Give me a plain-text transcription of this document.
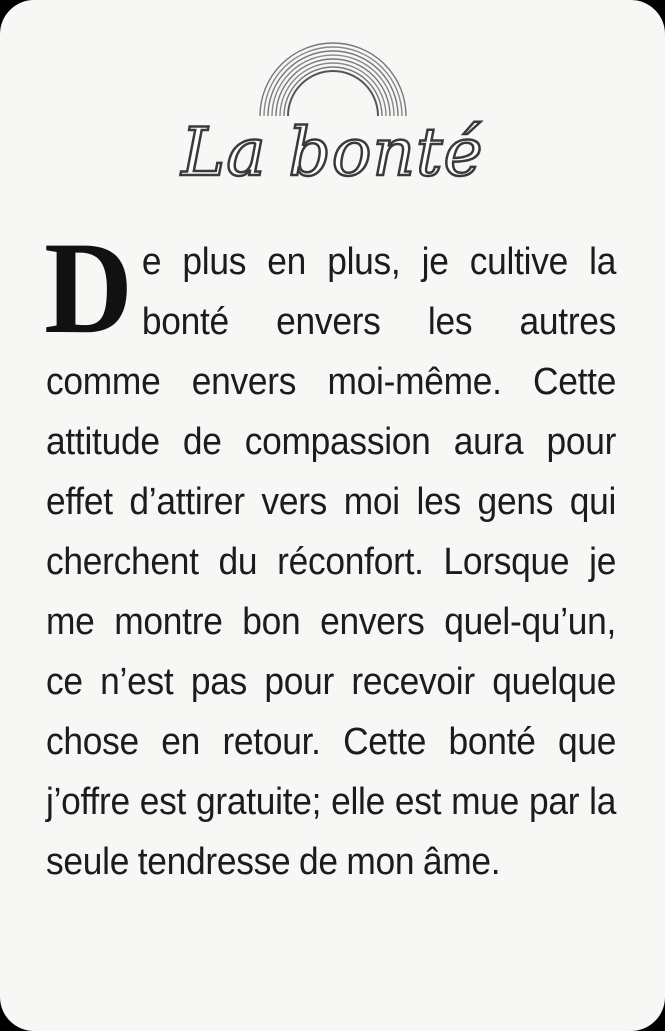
La bonté
De plus en plus, je cultive la bonté envers les autres comme envers moi-même. Cette attitude de compassion aura pour effet d’attirer vers moi les gens qui cherchent du réconfort. Lorsque je me montre bon envers quel-qu’un, ce n’est pas pour recevoir quelque chose en retour. Cette bonté que j’offre est gratuite; elle est mue par la seule tendresse de mon âme.
